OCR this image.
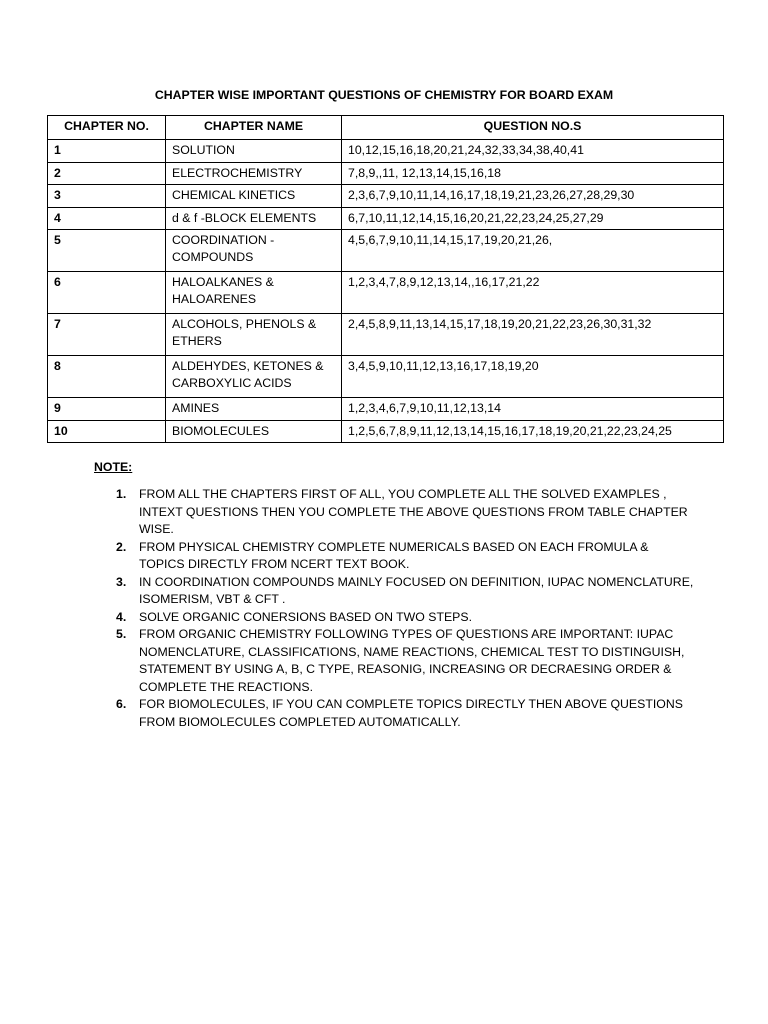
CHAPTER WISE IMPORTANT QUESTIONS OF CHEMISTRY FOR BOARD EXAM
CHAPTER NO.	CHAPTER NAME	QUESTION NO.S
1	SOLUTION	10,12,15,16,18,20,21,24,32,33,34,38,40,41
2	ELECTROCHEMISTRY	7,8,9,,11, 12,13,14,15,16,18
3	CHEMICAL KINETICS	2,3,6,7,9,10,11,14,16,17,18,19,21,23,26,27,28,29,30
4	d & f -BLOCK ELEMENTS	6,7,10,11,12,14,15,16,20,21,22,23,24,25,27,29
5	COORDINATION - COMPOUNDS	4,5,6,7,9,10,11,14,15,17,19,20,21,26,
6	HALOALKANES & HALOARENES	1,2,3,4,7,8,9,12,13,14,,16,17,21,22
7	ALCOHOLS, PHENOLS & ETHERS	2,4,5,8,9,11,13,14,15,17,18,19,20,21,22,23,26,30,31,32
8	ALDEHYDES, KETONES & CARBOXYLIC ACIDS	3,4,5,9,10,11,12,13,16,17,18,19,20
9	AMINES	1,2,3,4,6,7,9,10,11,12,13,14
10	BIOMOLECULES	1,2,5,6,7,8,9,11,12,13,14,15,16,17,18,19,20,21,22,23,24,25
NOTE:
1. FROM ALL THE CHAPTERS FIRST OF ALL, YOU COMPLETE ALL THE SOLVED EXAMPLES , INTEXT QUESTIONS THEN YOU COMPLETE THE ABOVE QUESTIONS FROM TABLE CHAPTER WISE.
2. FROM PHYSICAL CHEMISTRY COMPLETE NUMERICALS BASED ON EACH FROMULA & TOPICS DIRECTLY FROM NCERT TEXT BOOK.
3. IN COORDINATION COMPOUNDS MAINLY FOCUSED ON DEFINITION, IUPAC NOMENCLATURE, ISOMERISM, VBT & CFT .
4. SOLVE ORGANIC CONERSIONS BASED ON TWO STEPS.
5. FROM ORGANIC CHEMISTRY FOLLOWING TYPES OF QUESTIONS ARE IMPORTANT: IUPAC NOMENCLATURE, CLASSIFICATIONS, NAME REACTIONS, CHEMICAL TEST TO DISTINGUISH, STATEMENT BY USING A, B, C TYPE, REASONIG, INCREASING OR DECRAESING ORDER & COMPLETE THE REACTIONS.
6. FOR BIOMOLECULES, IF YOU CAN COMPLETE TOPICS DIRECTLY THEN ABOVE QUESTIONS FROM BIOMOLECULES COMPLETED AUTOMATICALLY.
